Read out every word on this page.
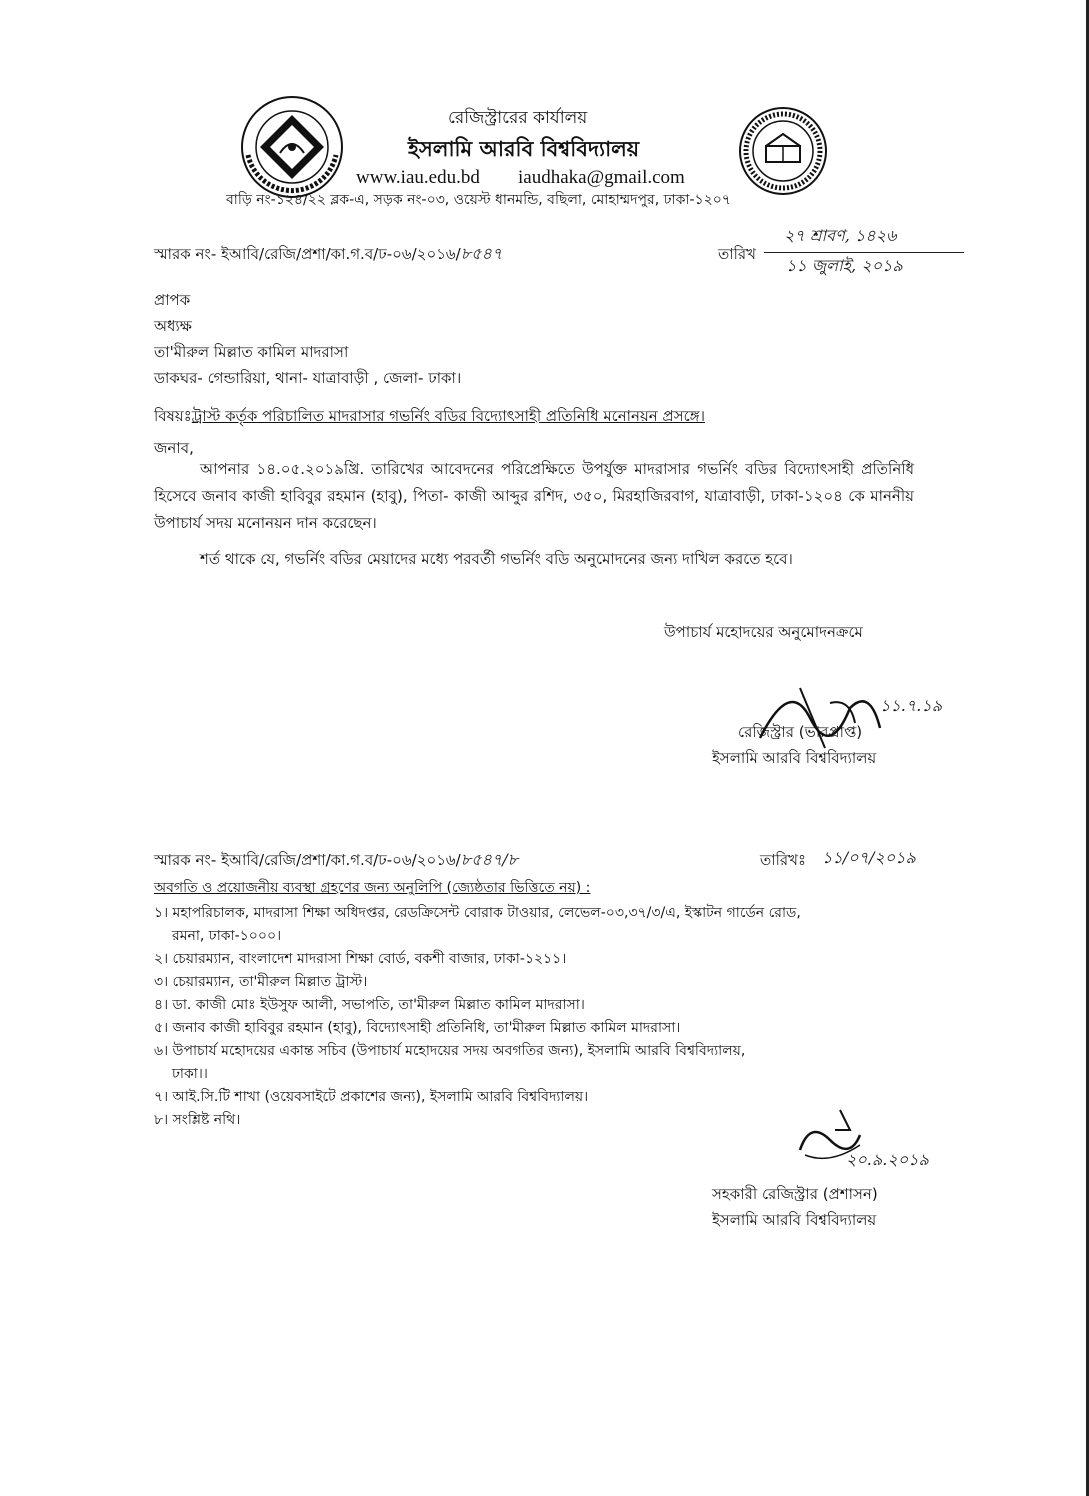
রেজিস্ট্রারের কার্যালয়
ইসলামি আরবি বিশ্ববিদ্যালয়
www.iau.edu.bd iaudhaka@gmail.com
বাড়ি নং-১২৪/২২ ব্লক-এ, সড়ক নং-০৩, ওয়েস্ট ধানমন্ডি, বছিলা, মোহাম্মদপুর, ঢাকা-১২০৭
স্মারক নং- ইআবি/রেজি/প্রশা/কা.গ.ব/ঢ-০৬/২০১৬/৮৫৪৭	তারিখ
২৭ শ্রাবণ, ১৪২৬
১১ জুলাই, ২০১৯
প্রাপক
অধ্যক্ষ
তা'মীরুল মিল্লাত কামিল মাদরাসা
ডাকঘর- গেন্ডারিয়া, থানা- যাত্রাবাড়ী , জেলা- ঢাকা।
বিষয়ঃট্রাস্ট কর্তৃক পরিচালিত মাদরাসার গভর্নিং বডির বিদ্যোৎসাহী প্রতিনিধি মনোনয়ন প্রসঙ্গে।
জনাব,
আপনার ১৪.০৫.২০১৯খ্রি. তারিখের আবেদনের পরিপ্রেক্ষিতে উপর্যুক্ত মাদরাসার গভর্নিং বডির বিদ্যোৎসাহী প্রতিনিধি হিসেবে জনাব কাজী হাবিবুর রহমান (হাবু), পিতা- কাজী আব্দুর রশিদ, ৩৫০, মিরহাজিরবাগ, যাত্রাবাড়ী, ঢাকা-১২০৪ কে মাননীয় উপাচার্য সদয় মনোনয়ন দান করেছেন।
শর্ত থাকে যে, গভর্নিং বডির মেয়াদের মধ্যে পরবর্তী গভর্নিং বডি অনুমোদনের জন্য দাখিল করতে হবে।
উপাচার্য মহোদয়ের অনুমোদনক্রমে
১১.৭.১৯
রেজিস্ট্রার (ভারপ্রাপ্ত)
ইসলামি আরবি বিশ্ববিদ্যালয়
স্মারক নং- ইআবি/রেজি/প্রশা/কা.গ.ব/ঢ-০৬/২০১৬/৮৫৪৭/৮	তারিখঃ ১১/০৭/২০১৯
অবগতি ও প্রয়োজনীয় ব্যবস্থা গ্রহণের জন্য অনুলিপি (জ্যেষ্ঠতার ভিত্তিতে নয়) :
১। মহাপরিচালক, মাদরাসা শিক্ষা অধিদপ্তর, রেডক্রিসেন্ট বোরাক টাওয়ার, লেভেল-০৩,৩৭/৩/এ, ইস্কাটন গার্ডেন রোড,
রমনা, ঢাকা-১০০০।
২। চেয়ারম্যান, বাংলাদেশ মাদরাসা শিক্ষা বোর্ড, বকশী বাজার, ঢাকা-১২১১।
৩। চেয়ারম্যান, তা'মীরুল মিল্লাত ট্রাস্ট।
৪। ডা. কাজী মোঃ ইউসুফ আলী, সভাপতি, তা'মীরুল মিল্লাত কামিল মাদরাসা।
৫। জনাব কাজী হাবিবুর রহমান (হাবু), বিদ্যোৎসাহী প্রতিনিধি, তা'মীরুল মিল্লাত কামিল মাদরাসা।
৬। উপাচার্য মহোদয়ের একান্ত সচিব (উপাচার্য মহোদয়ের সদয় অবগতির জন্য), ইসলামি আরবি বিশ্ববিদ্যালয়,
ঢাকা।।
৭। আই.সি.টি শাখা (ওয়েবসাইটে প্রকাশের জন্য), ইসলামি আরবি বিশ্ববিদ্যালয়।
৮। সংশ্লিষ্ট নথি।
২০.৯.২০১৯
সহকারী রেজিস্ট্রার (প্রশাসন)
ইসলামি আরবি বিশ্ববিদ্যালয়
